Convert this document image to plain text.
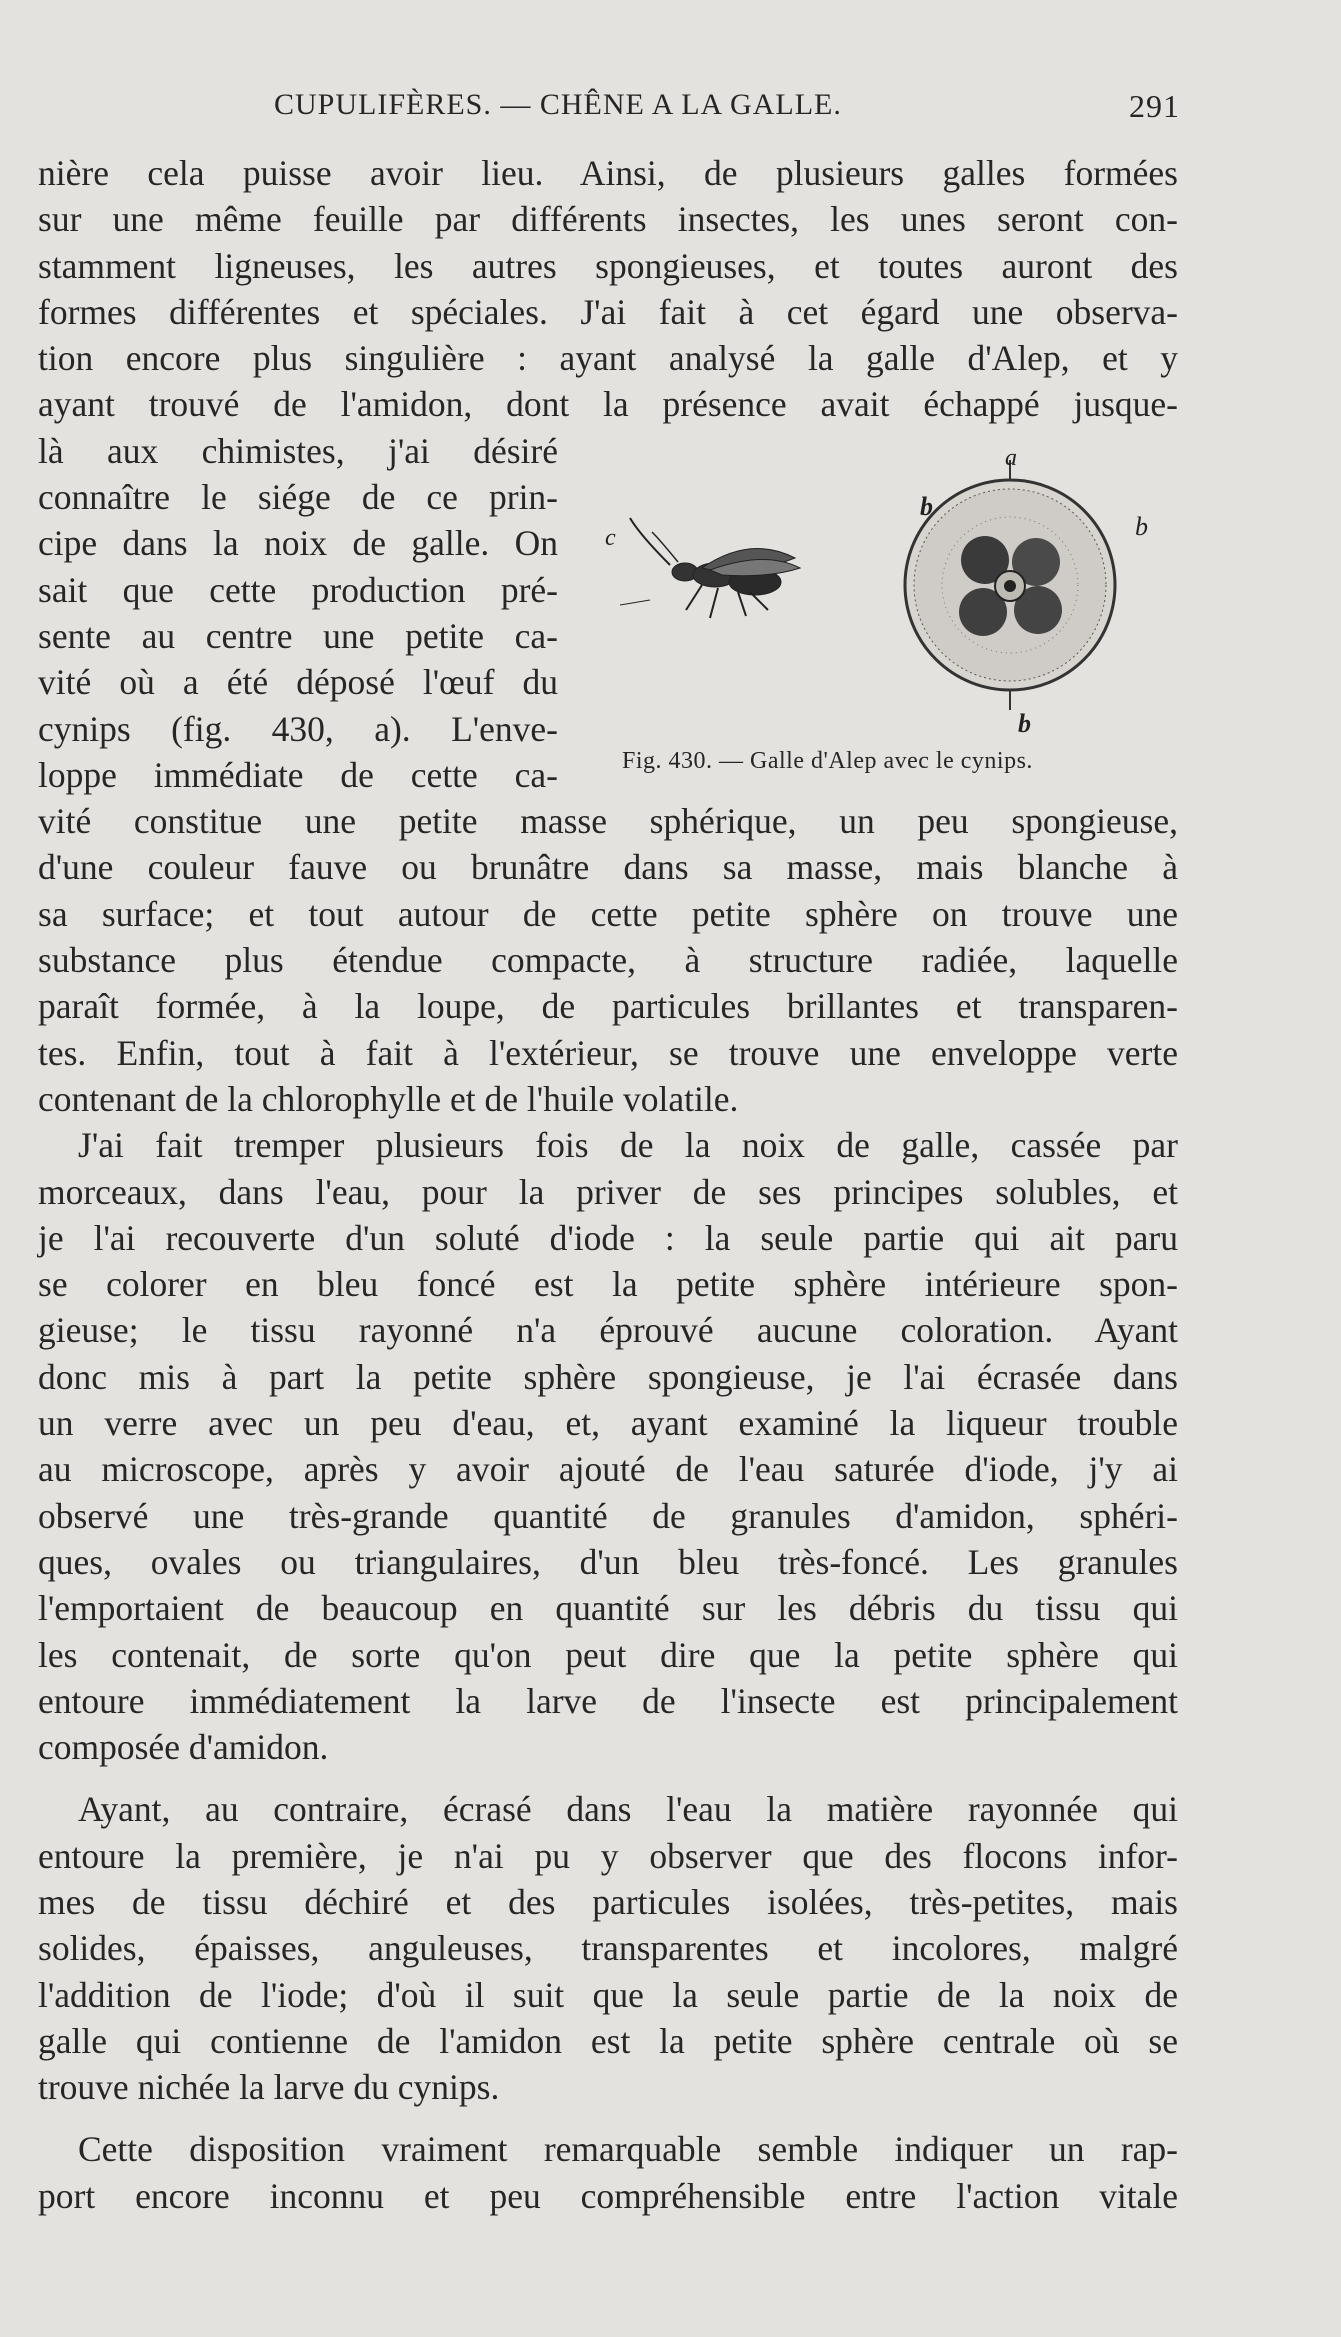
CUPULIFÈRES. — CHÊNE A LA GALLE.	291
nière cela puisse avoir lieu. Ainsi, de plusieurs galles formées
sur une même feuille par différents insectes, les unes seront con-
stamment ligneuses, les autres spongieuses, et toutes auront des
formes différentes et spéciales. J'ai fait à cet égard une observa-
tion encore plus singulière : ayant analysé la galle d'Alep, et y
ayant trouvé de l'amidon, dont la présence avait échappé jusque-
là aux chimistes, j'ai désiré
connaître le siége de ce prin-
cipe dans la noix de galle. On
sait que cette production pré-
sente au centre une petite ca-
vité où a été déposé l'œuf du
cynips (fig. 430, a). L'enve-
loppe immédiate de cette ca-
vité constitue une petite masse sphérique, un peu spongieuse,
d'une couleur fauve ou brunâtre dans sa masse, mais blanche à
sa surface; et tout autour de cette petite sphère on trouve une
substance plus étendue compacte, à structure radiée, laquelle
paraît formée, à la loupe, de particules brillantes et transparen-
tes. Enfin, tout à fait à l'extérieur, se trouve une enveloppe verte
contenant de la chlorophylle et de l'huile volatile.
J'ai fait tremper plusieurs fois de la noix de galle, cassée par
morceaux, dans l'eau, pour la priver de ses principes solubles, et
je l'ai recouverte d'un soluté d'iode : la seule partie qui ait paru
se colorer en bleu foncé est la petite sphère intérieure spon-
gieuse; le tissu rayonné n'a éprouvé aucune coloration. Ayant
donc mis à part la petite sphère spongieuse, je l'ai écrasée dans
un verre avec un peu d'eau, et, ayant examiné la liqueur trouble
au microscope, après y avoir ajouté de l'eau saturée d'iode, j'y ai
observé une très-grande quantité de granules d'amidon, sphéri-
ques, ovales ou triangulaires, d'un bleu très-foncé. Les granules
l'emportaient de beaucoup en quantité sur les débris du tissu qui
les contenait, de sorte qu'on peut dire que la petite sphère qui
entoure immédiatement la larve de l'insecte est principalement
composée d'amidon.
Ayant, au contraire, écrasé dans l'eau la matière rayonnée qui
entoure la première, je n'ai pu y observer que des flocons infor-
mes de tissu déchiré et des particules isolées, très-petites, mais
solides, épaisses, anguleuses, transparentes et incolores, malgré
l'addition de l'iode; d'où il suit que la seule partie de la noix de
galle qui contienne de l'amidon est la petite sphère centrale où se
trouve nichée la larve du cynips.
Cette disposition vraiment remarquable semble indiquer un rap-
port encore inconnu et peu compréhensible entre l'action vitale
c
a
b
b
b
Fig. 430. — Galle d'Alep avec le cynips.
